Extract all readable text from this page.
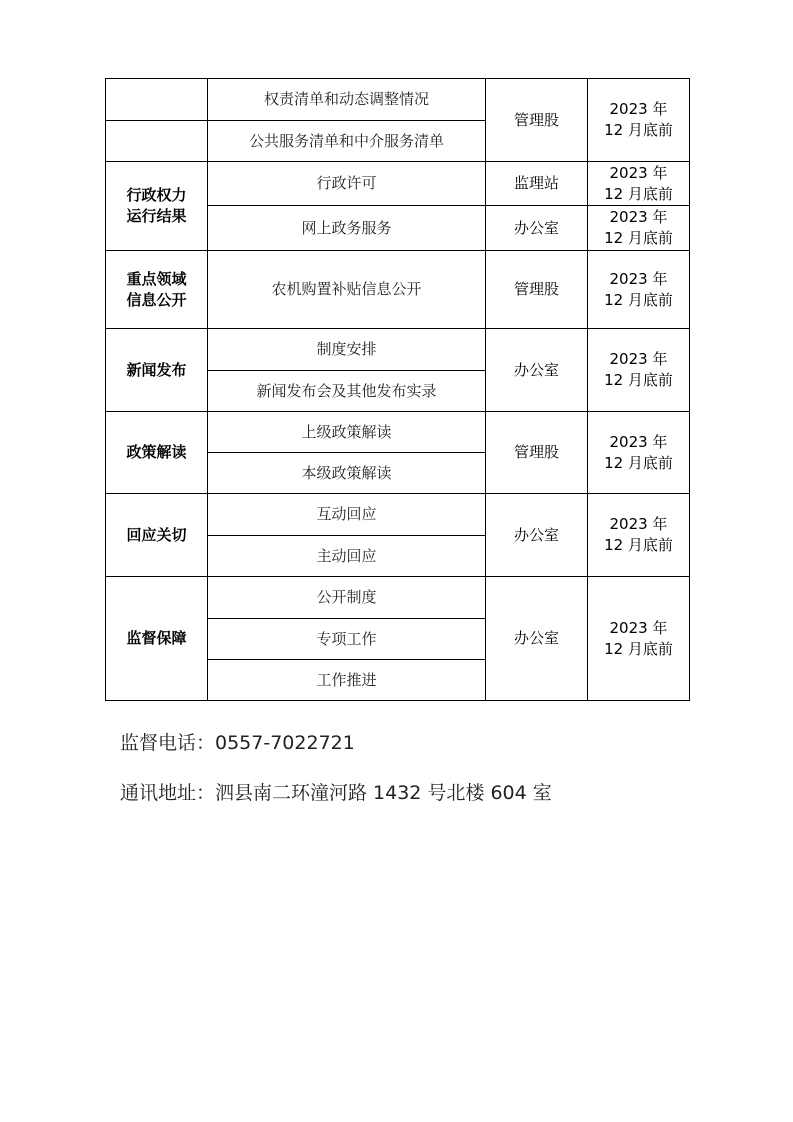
	权责清单和动态调整情况	管理股	2023 年
12 月底前
	公共服务清单和中介服务清单		
行政权力
运行结果	行政许可	监理站	2023 年
12 月底前
	网上政务服务	办公室	2023 年
12 月底前
重点领域
信息公开	农机购置补贴信息公开	管理股	2023 年
12 月底前
新闻发布	制度安排	办公室	2023 年
12 月底前
	新闻发布会及其他发布实录		
政策解读	上级政策解读	管理股	2023 年
12 月底前
	本级政策解读		
回应关切	互动回应	办公室	2023 年
12 月底前
	主动回应		
监督保障	公开制度	办公室	2023 年
12 月底前
	专项工作		
	工作推进		
监督电话：0557-7022721
通讯地址：泗县南二环潼河路 1432 号北楼 604 室
